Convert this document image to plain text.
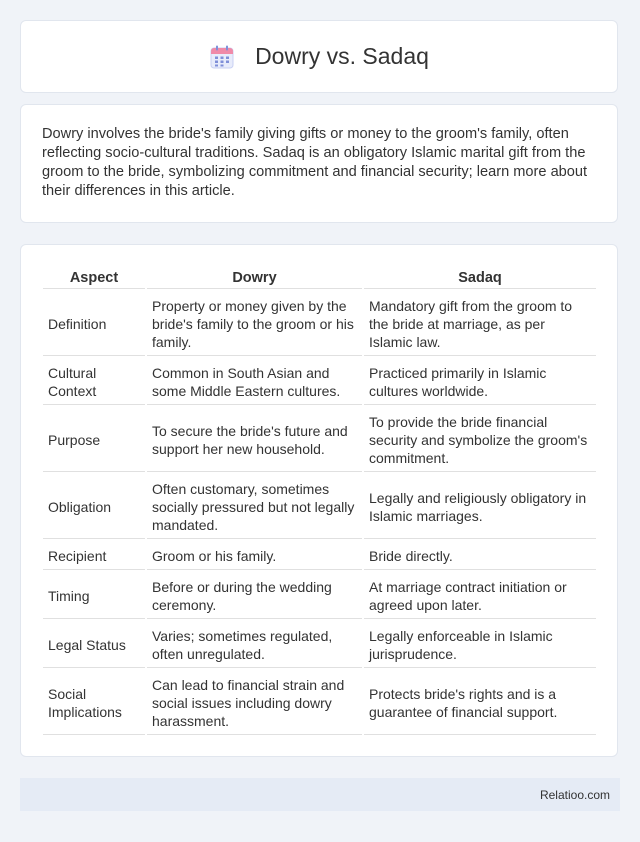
Dowry vs. Sadaq

Dowry involves the bride's family giving gifts or money to the groom's family, often reflecting socio-cultural traditions. Sadaq is an obligatory Islamic marital gift from the groom to the bride, symbolizing commitment and financial security; learn more about their differences in this article.

Aspect	Dowry	Sadaq
Definition	Property or money given by the bride's family to the groom or his family.	Mandatory gift from the groom to the bride at marriage, as per Islamic law.
Cultural Context	Common in South Asian and some Middle Eastern cultures.	Practiced primarily in Islamic cultures worldwide.
Purpose	To secure the bride's future and support her new household.	To provide the bride financial security and symbolize the groom's commitment.
Obligation	Often customary, sometimes socially pressured but not legally mandated.	Legally and religiously obligatory in Islamic marriages.
Recipient	Groom or his family.	Bride directly.
Timing	Before or during the wedding ceremony.	At marriage contract initiation or agreed upon later.
Legal Status	Varies; sometimes regulated, often unregulated.	Legally enforceable in Islamic jurisprudence.
Social Implications	Can lead to financial strain and social issues including dowry harassment.	Protects bride's rights and is a guarantee of financial support.
Relatioo.com
